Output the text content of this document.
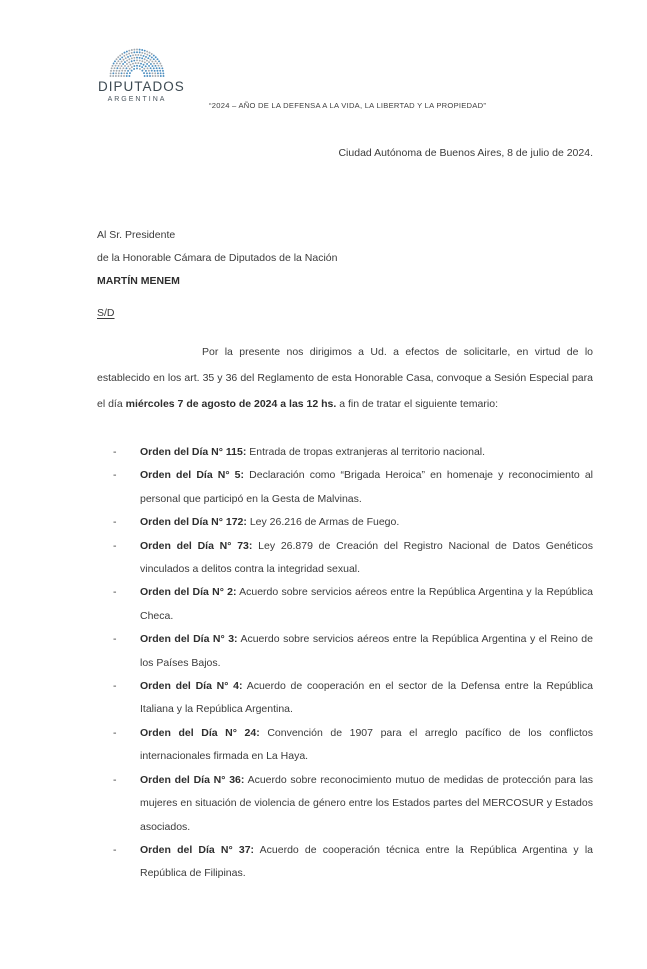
DIPUTADOS
ARGENTINA
“2024 – AÑO DE LA DEFENSA A LA VIDA, LA LIBERTAD Y LA PROPIEDAD”
Ciudad Autónoma de Buenos Aires, 8 de julio de 2024.
Al Sr. Presidente
de la Honorable Cámara de Diputados de la Nación
MARTÍN MENEM
S/D

Por la presente nos dirigimos a Ud. a efectos de solicitarle, en virtud de lo establecido en los art. 35 y 36 del Reglamento de esta Honorable Casa, convoque a Sesión Especial para el día miércoles 7 de agosto de 2024 a las 12 hs. a fin de tratar el siguiente temario:

- Orden del Día N° 115: Entrada de tropas extranjeras al territorio nacional.
- Orden del Día N° 5: Declaración como “Brigada Heroica” en homenaje y reconocimiento al personal que participó en la Gesta de Malvinas.
- Orden del Día N° 172: Ley 26.216 de Armas de Fuego.
- Orden del Día N° 73: Ley 26.879 de Creación del Registro Nacional de Datos Genéticos vinculados a delitos contra la integridad sexual.
- Orden del Día N° 2: Acuerdo sobre servicios aéreos entre la República Argentina y la República Checa.
- Orden del Día N° 3: Acuerdo sobre servicios aéreos entre la República Argentina y el Reino de los Países Bajos.
- Orden del Día N° 4: Acuerdo de cooperación en el sector de la Defensa entre la República Italiana y la República Argentina.
- Orden del Día N° 24: Convención de 1907 para el arreglo pacífico de los conflictos internacionales firmada en La Haya.
- Orden del Día N° 36: Acuerdo sobre reconocimiento mutuo de medidas de protección para las mujeres en situación de violencia de género entre los Estados partes del MERCOSUR y Estados asociados.
- Orden del Día N° 37: Acuerdo de cooperación técnica entre la República Argentina y la República de Filipinas.
